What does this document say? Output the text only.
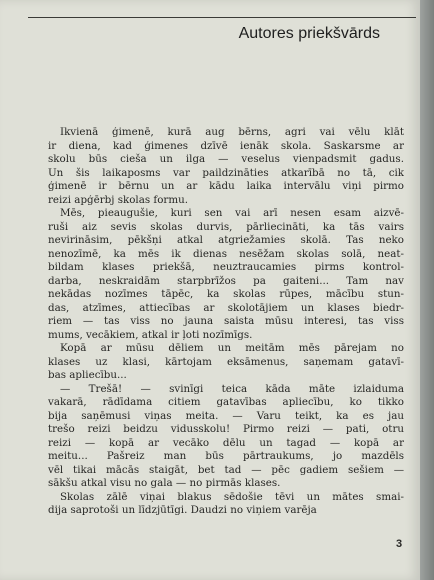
Autores priekšvārds

Ikvienā ģimenē, kurā aug bērns, agri vai vēlu klāt
ir diena, kad ģimenes dzīvē ienāk skola. Saskarsme ar
skolu būs cieša un ilga — veselus vienpadsmit gadus.
Un šis laikaposms var paildzināties atkarībā no tā, cik
ģimenē ir bērnu un ar kādu laika intervālu viņi pirmo
reizi apģērbj skolas formu.

Mēs, pieaugušie, kuri sen vai arī nesen esam aizvē-
ruši aiz sevis skolas durvis, pārliecināti, ka tās vairs
nevirināsim, pēkšņi atkal atgriežamies skolā. Tas neko
nenozīmē, ka mēs ik dienas nesēžam skolas solā, neat-
bildam klases priekšā, neuztraucamies pirms kontrol-
darba, neskraidām starpbrīžos pa gaiteni... Tam nav
nekādas nozīmes tāpēc, ka skolas rūpes, mācību stun-
das, atzīmes, attiecības ar skolotājiem un klases biedr-
riem — tas viss no jauna saista mūsu interesi, tas viss
mums, vecākiem, atkal ir ļoti nozīmīgs.

Kopā ar mūsu dēliem un meitām mēs pārejam no
klases uz klasi, kārtojam eksāmenus, saņemam gatavī-
bas apliecību...

— Trešā! — svinīgi teica kāda māte izlaiduma
vakarā, rādīdama citiem gatavības apliecību, ko tikko
bija saņēmusi viņas meita. — Varu teikt, ka es jau
trešo reizi beidzu vidusskolu! Pirmo reizi — pati, otru
reizi — kopā ar vecāko dēlu un tagad — kopā ar
meitu... Pašreiz man būs pārtraukums, jo mazdēls
vēl tikai mācās staigāt, bet tad — pēc gadiem sešiem —
sākšu atkal visu no gala — no pirmās klases.

Skolas zālē viņai blakus sēdošie tēvi un mātes smai-
dija saprotoši un līdzjūtīgi. Daudzi no viņiem varēja

3
